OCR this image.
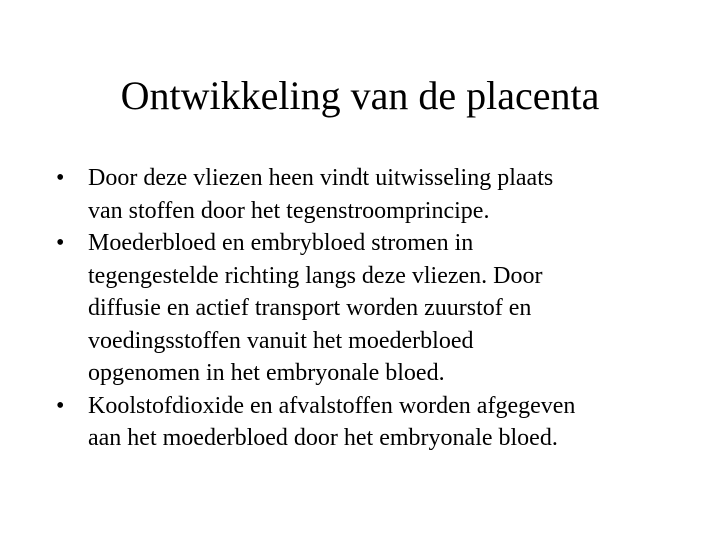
Ontwikkeling van de placenta
• Door deze vliezen heen vindt uitwisseling plaats
van stoffen door het tegenstroomprincipe.
• Moederbloed en embrybloed stromen in
tegengestelde richting langs deze vliezen. Door
diffusie en actief transport worden zuurstof en
voedingsstoffen vanuit het moederbloed
opgenomen in het embryonale bloed.
• Koolstofdioxide en afvalstoffen worden afgegeven
aan het moederbloed door het embryonale bloed.
